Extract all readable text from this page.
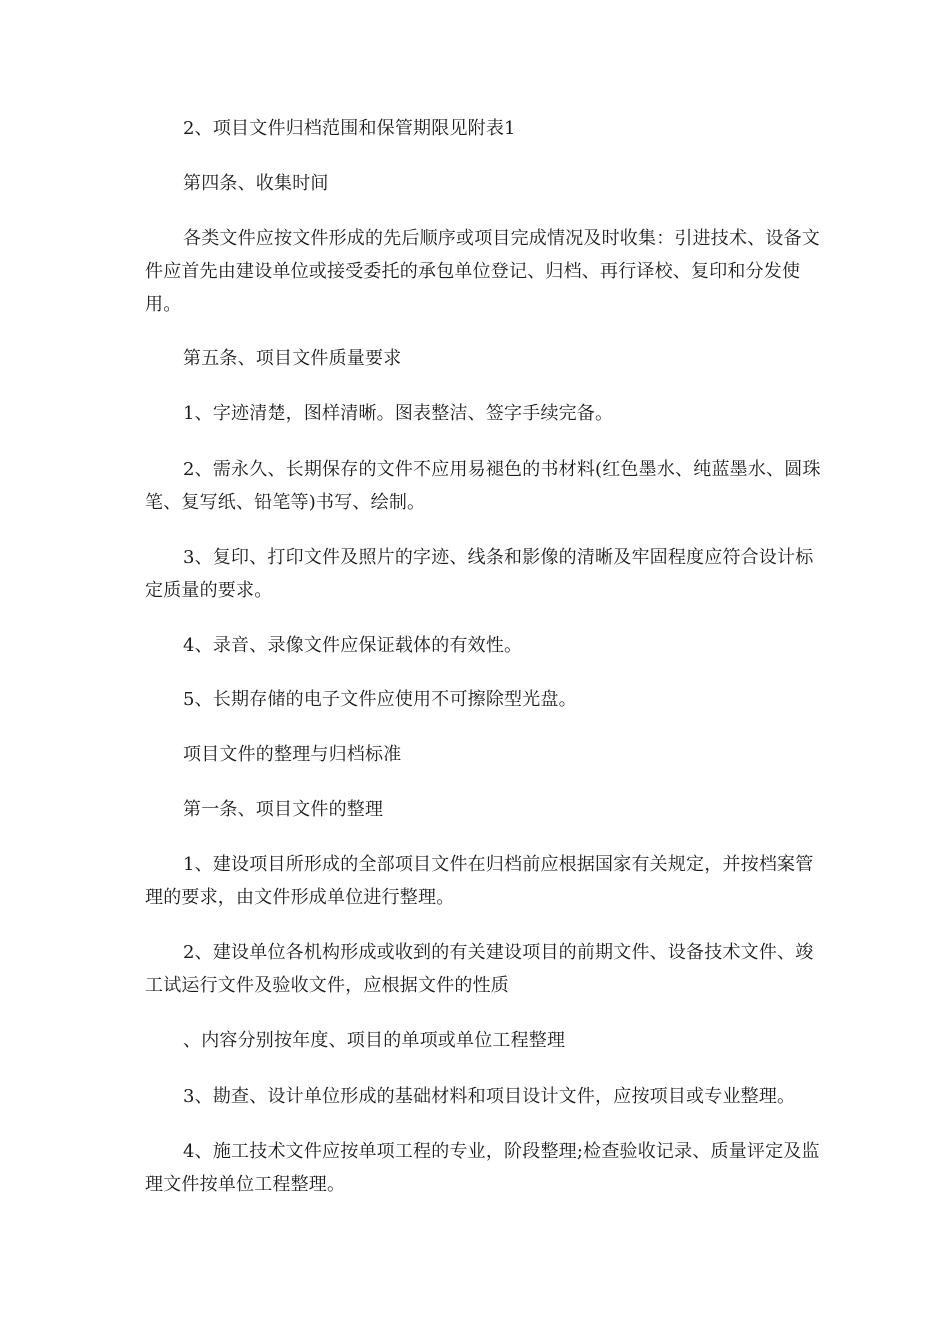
2、项目文件归档范围和保管期限见附表1

第四条、收集时间

各类文件应按文件形成的先后顺序或项目完成情况及时收集：引进技术、设备文件应首先由建设单位或接受委托的承包单位登记、归档、再行译校、复印和分发使用。

第五条、项目文件质量要求

1、字迹清楚，图样清晰。图表整洁、签字手续完备。

2、需永久、长期保存的文件不应用易褪色的书材料(红色墨水、纯蓝墨水、圆珠笔、复写纸、铅笔等)书写、绘制。

3、复印、打印文件及照片的字迹、线条和影像的清晰及牢固程度应符合设计标定质量的要求。

4、录音、录像文件应保证载体的有效性。

5、长期存储的电子文件应使用不可擦除型光盘。

项目文件的整理与归档标准

第一条、项目文件的整理

1、建设项目所形成的全部项目文件在归档前应根据国家有关规定，并按档案管理的要求，由文件形成单位进行整理。

2、建设单位各机构形成或收到的有关建设项目的前期文件、设备技术文件、竣工试运行文件及验收文件，应根据文件的性质

、内容分别按年度、项目的单项或单位工程整理

3、勘查、设计单位形成的基础材料和项目设计文件，应按项目或专业整理。

4、施工技术文件应按单项工程的专业，阶段整理;检查验收记录、质量评定及监理文件按单位工程整理。
